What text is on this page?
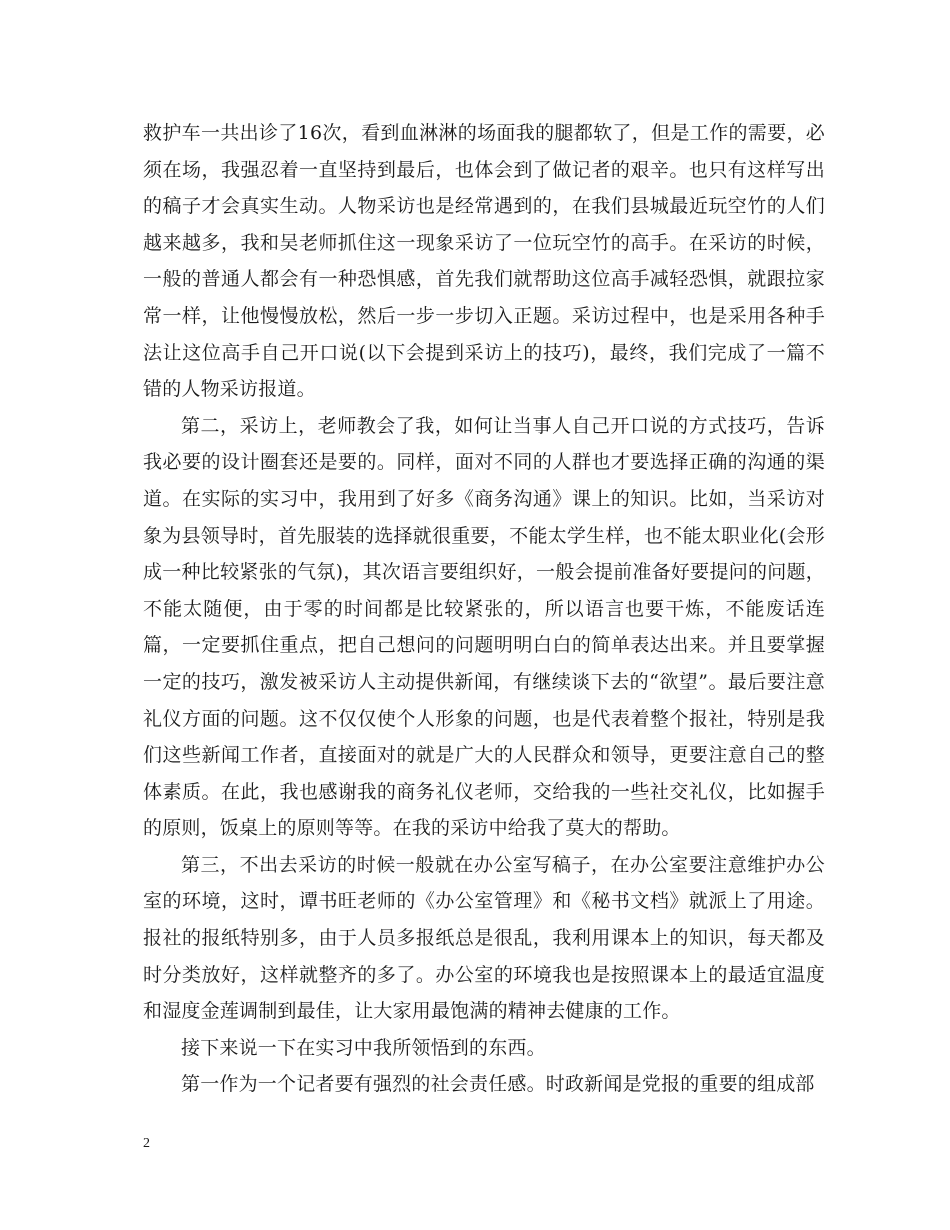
救护车一共出诊了16次，看到血淋淋的场面我的腿都软了，但是工作的需要，必须在场，我强忍着一直坚持到最后，也体会到了做记者的艰辛。也只有这样写出的稿子才会真实生动。人物采访也是经常遇到的，在我们县城最近玩空竹的人们越来越多，我和吴老师抓住这一现象采访了一位玩空竹的高手。在采访的时候，一般的普通人都会有一种恐惧感，首先我们就帮助这位高手减轻恐惧，就跟拉家常一样，让他慢慢放松，然后一步一步切入正题。采访过程中，也是采用各种手法让这位高手自己开口说(以下会提到采访上的技巧)，最终，我们完成了一篇不错的人物采访报道。

第二，采访上，老师教会了我，如何让当事人自己开口说的方式技巧，告诉我必要的设计圈套还是要的。同样，面对不同的人群也才要选择正确的沟通的渠道。在实际的实习中，我用到了好多《商务沟通》课上的知识。比如，当采访对象为县领导时，首先服装的选择就很重要，不能太学生样，也不能太职业化(会形成一种比较紧张的气氛)，其次语言要组织好，一般会提前准备好要提问的问题，不能太随便，由于零的时间都是比较紧张的，所以语言也要干炼，不能废话连篇，一定要抓住重点，把自己想问的问题明明白白的简单表达出来。并且要掌握一定的技巧，激发被采访人主动提供新闻，有继续谈下去的“欲望”。最后要注意礼仪方面的问题。这不仅仅使个人形象的问题，也是代表着整个报社，特别是我们这些新闻工作者，直接面对的就是广大的人民群众和领导，更要注意自己的整体素质。在此，我也感谢我的商务礼仪老师，交给我的一些社交礼仪，比如握手的原则，饭桌上的原则等等。在我的采访中给我了莫大的帮助。

第三，不出去采访的时候一般就在办公室写稿子，在办公室要注意维护办公室的环境，这时，谭书旺老师的《办公室管理》和《秘书文档》就派上了用途。报社的报纸特别多，由于人员多报纸总是很乱，我利用课本上的知识，每天都及时分类放好，这样就整齐的多了。办公室的环境我也是按照课本上的最适宜温度和湿度金莲调制到最佳，让大家用最饱满的精神去健康的工作。

接下来说一下在实习中我所领悟到的东西。

第一作为一个记者要有强烈的社会责任感。时政新闻是党报的重要的组成部

2
